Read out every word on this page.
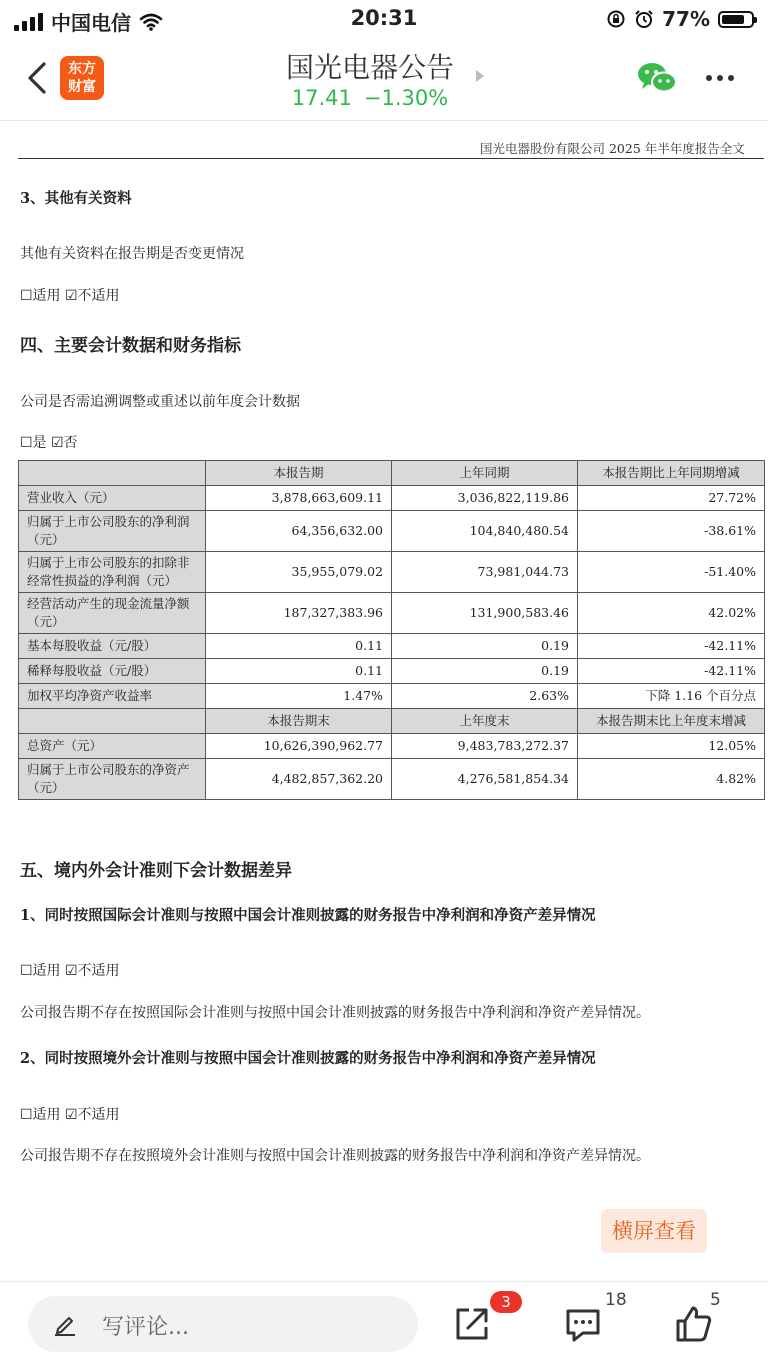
中国电信	20:31	77%
东方
财富
国光电器公告
17.41 −1.30%
国光电器股份有限公司 2025 年半年度报告全文
3、其他有关资料
其他有关资料在报告期是否变更情况
☐适用 ☑不适用
四、主要会计数据和财务指标
公司是否需追溯调整或重述以前年度会计数据
☐是 ☑否
	本报告期	上年同期	本报告期比上年同期增减
营业收入（元）	3,878,663,609.11	3,036,822,119.86	27.72%
归属于上市公司股东的净利润（元）	64,356,632.00	104,840,480.54	-38.61%
归属于上市公司股东的扣除非经常性损益的净利润（元）	35,955,079.02	73,981,044.73	-51.40%
经营活动产生的现金流量净额（元）	187,327,383.96	131,900,583.46	42.02%
基本每股收益（元/股）	0.11	0.19	-42.11%
稀释每股收益（元/股）	0.11	0.19	-42.11%
加权平均净资产收益率	1.47%	2.63%	下降 1.16 个百分点
	本报告期末	上年度末	本报告期末比上年度末增减
总资产（元）	10,626,390,962.77	9,483,783,272.37	12.05%
归属于上市公司股东的净资产（元）	4,482,857,362.20	4,276,581,854.34	4.82%
五、境内外会计准则下会计数据差异
1、同时按照国际会计准则与按照中国会计准则披露的财务报告中净利润和净资产差异情况
☐适用 ☑不适用
公司报告期不存在按照国际会计准则与按照中国会计准则披露的财务报告中净利润和净资产差异情况。
2、同时按照境外会计准则与按照中国会计准则披露的财务报告中净利润和净资产差异情况
☐适用 ☑不适用
公司报告期不存在按照境外会计准则与按照中国会计准则披露的财务报告中净利润和净资产差异情况。
横屏查看
写评论...
3	18	5
